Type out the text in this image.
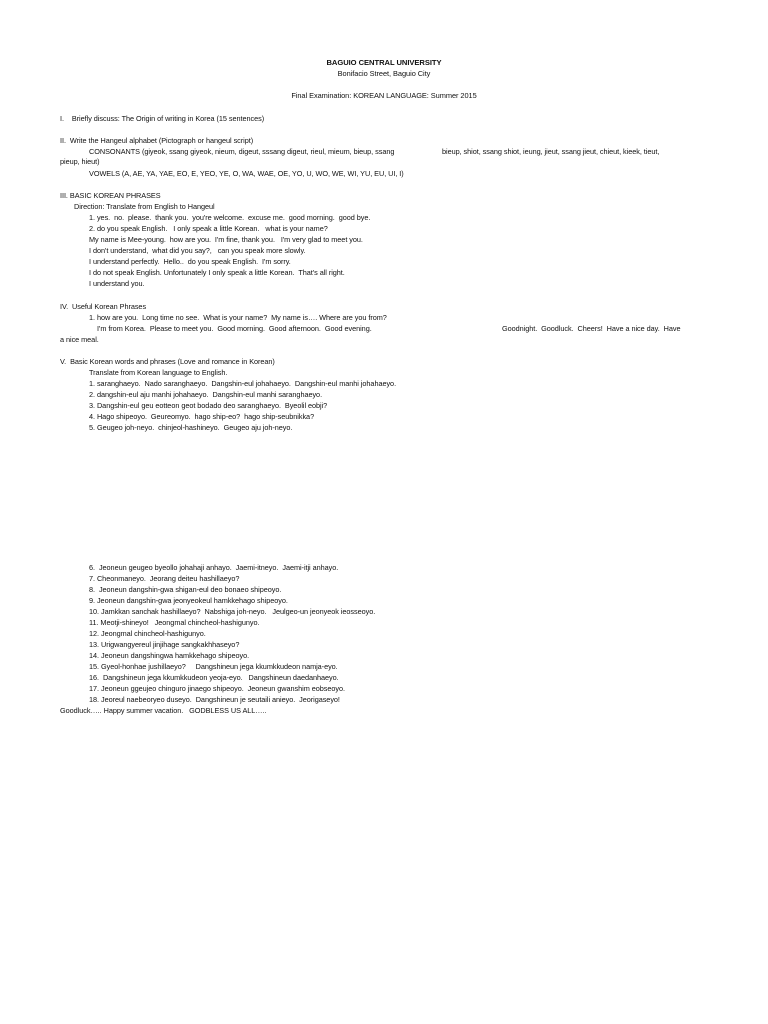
BAGUIO CENTRAL UNIVERSITY
Bonifacio Street, Baguio City
Final Examination: KOREAN LANGUAGE: Summer 2015
I.    Briefly discuss: The Origin of writing in Korea (15 sentences)
II.  Write the Hangeul alphabet (Pictograph or hangeul script)
CONSONANTS (giyeok, ssang giyeok, nieum, digeut, sssang digeut, rieul, mieum, bieup, ssang	bieup, shiot, ssang shiot, ieung, jieut, ssang jieut, chieut, kieek, tieut,
pieup, hieut)
VOWELS (A, AE, YA, YAE, EO, E, YEO, YE, O, WA, WAE, OE, YO, U, WO, WE, WI, YU, EU, UI, I)
III. BASIC KOREAN PHRASES
Direction: Translate from English to Hangeul
1. yes.  no.  please.  thank you.  you're welcome.  excuse me.  good morning.  good bye.
2. do you speak English.   I only speak a little Korean.   what is your name?
My name is Mee-young.  how are you.  I'm fine, thank you.   I'm very glad to meet you.
I don't understand,  what did you say?,   can you speak more slowly.
I understand perfectly.  Hello..  do you speak English.  I'm sorry.
I do not speak English. Unfortunately I only speak a little Korean.  That's all right.
I understand you.
IV.  Useful Korean Phrases
1. how are you.  Long time no see.  What is your name?  My name is…. Where are you from?
I'm from Korea.  Please to meet you.  Good morning.  Good afternoon.  Good evening.	Goodnight.  Goodluck.  Cheers!  Have a nice day.  Have
a nice meal.
V.  Basic Korean words and phrases (Love and romance in Korean)
Translate from Korean language to English.
1. saranghaeyo.  Nado saranghaeyo.  Dangshin-eul johahaeyo.  Dangshin-eul manhi johahaeyo.
2. dangshin-eul aju manhi johahaeyo.  Dangshin-eul manhi saranghaeyo.
3. Dangshin-eul geu eotteon geot bodado deo saranghaeyo.  Byeolil eobji?
4. Hago shipeoyo.  Geureomyo.  hago ship-eo?  hago ship-seubnikka?
5. Geugeo joh-neyo.  chinjeol-hashineyo.  Geugeo aju joh-neyo.
6.  Jeoneun geugeo byeollo johahaji anhayo.  Jaemi-itneyo.  Jaemi-itji anhayo.
7. Cheonmaneyo.  Jeorang deiteu hashillaeyo?
8.  Jeoneun dangshin-gwa shigan-eul deo bonaeo shipeoyo.
9. Jeoneun dangshin-gwa jeonyeokeul hamkkehago shipeoyo.
10. Jamkkan sanchak hashillaeyo?  Nabshiga joh-neyo.   Jeulgeo-un jeonyeok ieosseoyo.
11. Meotji-shineyo!   Jeongmal chincheol-hashigunyo.
12. Jeongmal chincheol-hashigunyo.
13. Urigwangyereul jinjihage sangkakhhaseyo?
14. Jeoneun dangshingwa hamkkehago shipeoyo.
15. Gyeol-honhae jushillaeyo?     Dangshineun jega kkumkkudeon namja-eyo.
16.  Dangshineun jega kkumkkudeon yeoja-eyo.   Dangshineun daedanhaeyo.
17. Jeoneun ggeujeo chinguro jinaego shipeoyo.  Jeoneun gwanshim eobseoyo.
18. Jeoreul naebeoryeo duseyo.  Dangshineun je seutaili anieyo.  Jeorigaseyo!
Goodluck….. Happy summer vacation.   GODBLESS US ALL…..
